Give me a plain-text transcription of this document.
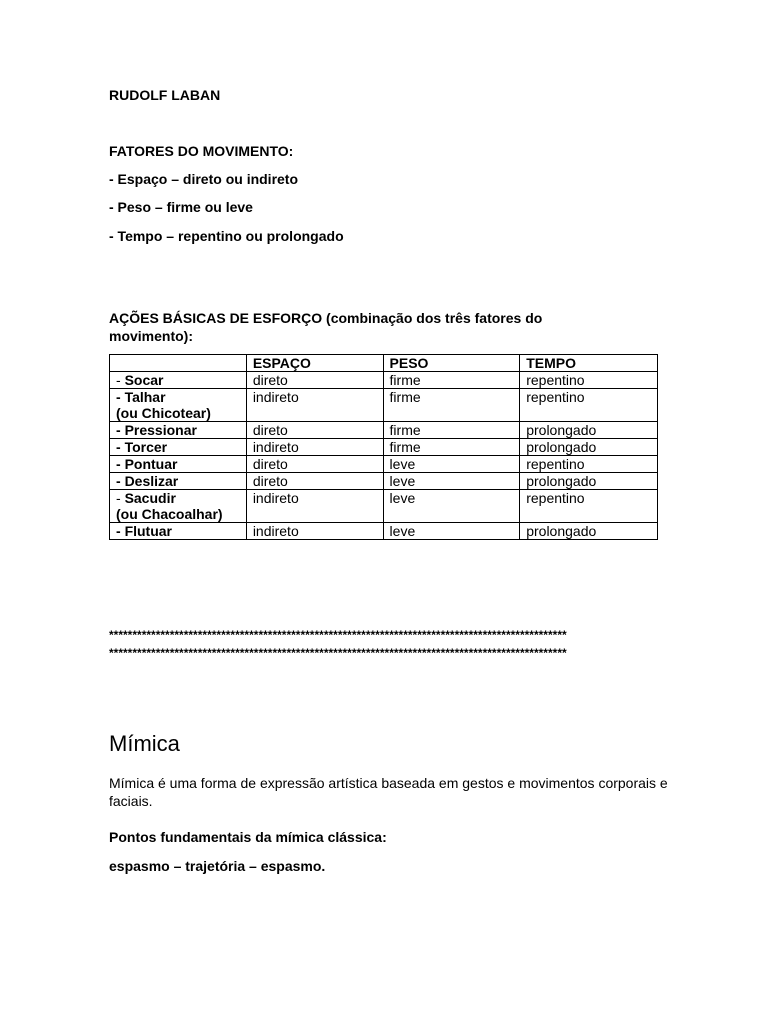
RUDOLF LABAN

FATORES DO MOVIMENTO:

- Espaço – direto ou indireto

- Peso – firme ou leve

- Tempo – repentino ou prolongado

AÇÕES BÁSICAS DE ESFORÇO (combinação dos três fatores do

movimento):

	ESPAÇO	PESO	TEMPO
- Socar	direto	firme	repentino
- Talhar
(ou Chicotear)	indireto	firme	repentino
- Pressionar	direto	firme	prolongado
- Torcer	indireto	firme	prolongado
- Pontuar	direto	leve	repentino
- Deslizar	direto	leve	prolongado
- Sacudir
(ou Chacoalhar)	indireto	leve	repentino
- Flutuar	indireto	leve	prolongado

**************************************************************************************************

**************************************************************************************************

Mímica

Mímica é uma forma de expressão artística baseada em gestos e movimentos corporais e faciais.

Pontos fundamentais da mímica clássica:

espasmo – trajetória – espasmo.
